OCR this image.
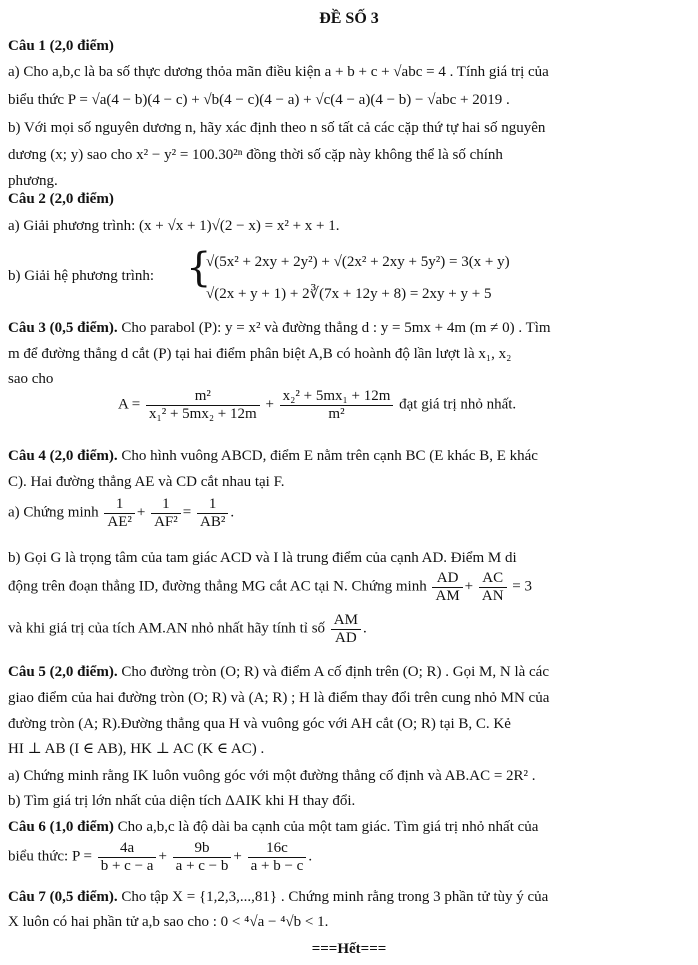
ĐỀ SỐ 3
Câu 1 (2,0 điểm)
a) Cho a,b,c là ba số thực dương thỏa mãn điều kiện a + b + c + √abc = 4 . Tính giá trị của
biểu thức P = √a(4 − b)(4 − c) + √b(4 − c)(4 − a) + √c(4 − a)(4 − b) − √abc + 2019 .
b) Với mọi số nguyên dương n, hãy xác định theo n số tất cả các cặp thứ tự hai số nguyên
dương (x; y) sao cho x² − y² = 100.30²ⁿ đồng thời số cặp này không thể là số chính
phương.
Câu 2 (2,0 điểm)
a) Giải phương trình: (x + √x + 1)√(2 − x) = x² + x + 1.
b) Giải hệ phương trình: {
√(5x² + 2xy + 2y²) + √(2x² + 2xy + 5y²) = 3(x + y)
√(2x + y + 1) + 2∛(7x + 12y + 8) = 2xy + y + 5
Câu 3 (0,5 điểm). Cho parabol (P): y = x² và đường thẳng d : y = 5mx + 4m (m ≠ 0) . Tìm
m để đường thẳng d cắt (P) tại hai điểm phân biệt A,B có hoành độ lần lượt là x₁, x₂
sao cho
$A = \frac{\text{m²}}{\text{x₁² + 5mx₂ + 12m}} + \frac{\text{x₂² + 5mx₁ + 12m}}{\text{m²}}$ đạt giá trị nhỏ nhất.
Câu 4 (2,0 điểm). Cho hình vuông ABCD, điểm E nằm trên cạnh BC (E khác B, E khác
C). Hai đường thẳng AE và CD cắt nhau tại F.
a) Chứng minh $\frac{1}{\text{AE²}} + \frac{1}{\text{AF²}} = \frac{1}{\text{AB²}}$ .
b) Gọi G là trọng tâm của tam giác ACD và I là trung điểm của cạnh AD. Điểm M di
động trên đoạn thẳng ID, đường thẳng MG cắt AC tại N. Chứng minh $\frac{AD}{AM} + \frac{AC}{AN} = 3$
và khi giá trị của tích AM.AN nhỏ nhất hãy tính tỉ số $\frac{AM}{AD}$ .
Câu 5 (2,0 điểm). Cho đường tròn (O; R) và điểm A cố định trên (O; R) . Gọi M, N là các
giao điểm của hai đường tròn (O; R) và (A; R) ; H là điểm thay đổi trên cung nhỏ MN của
đường tròn (A; R).Đường thẳng qua H và vuông góc với AH cắt (O; R) tại B, C. Kẻ
HI ⊥ AB (I ∈ AB), HK ⊥ AC (K ∈ AC) .
a) Chứng minh rằng IK luôn vuông góc với một đường thẳng cố định và AB.AC = 2R² .
b) Tìm giá trị lớn nhất của diện tích ΔAIK khi H thay đổi.
Câu 6 (1,0 điểm) Cho a,b,c là độ dài ba cạnh của một tam giác. Tìm giá trị nhỏ nhất của
biểu thức: $P = \frac{4a}{b + c - a} + \frac{9b}{a + c - b} + \frac{16c}{a + b - c}$ .
Câu 7 (0,5 điểm). Cho tập X = {1,2,3,...,81} . Chứng minh rằng trong 3 phần tử tùy ý của
X luôn có hai phần tử a,b sao cho : 0 < ⁴√a − ⁴√b < 1.
===Hết===
